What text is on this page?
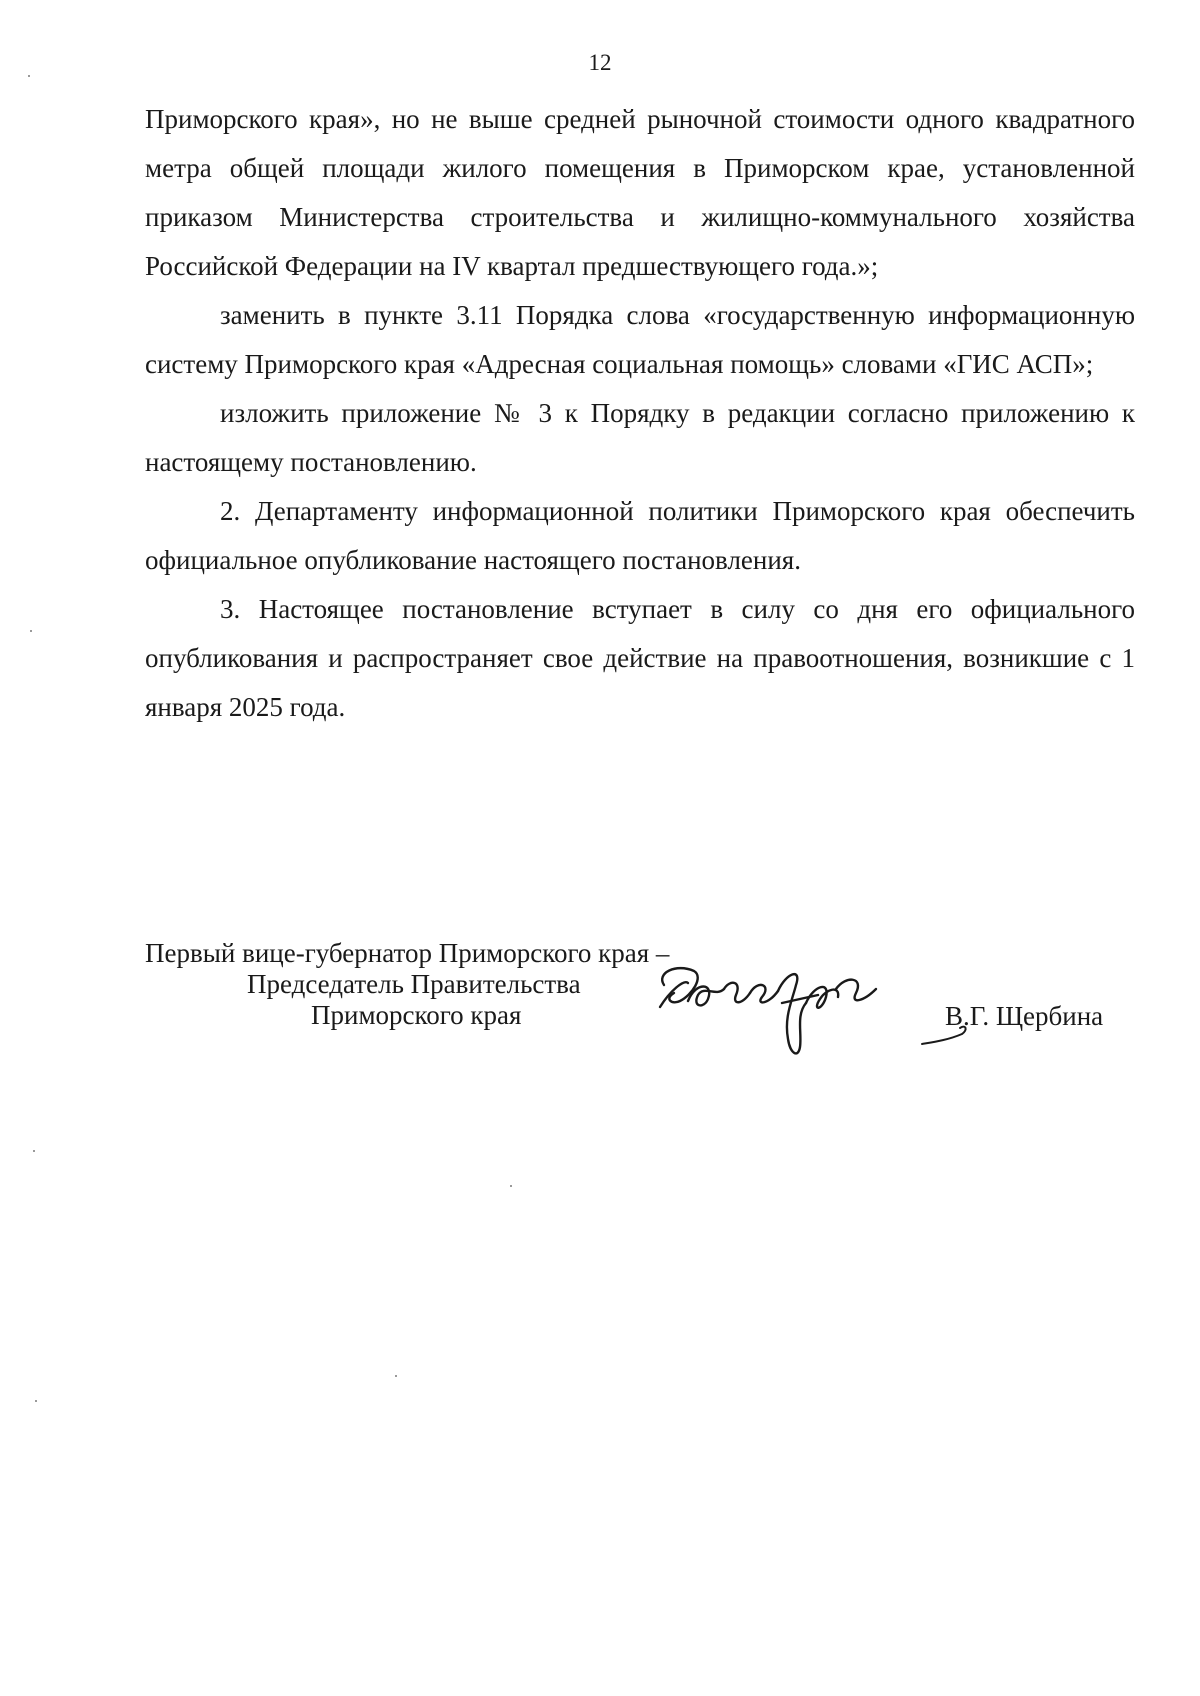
12

Приморского края», но не выше средней рыночной стоимости одного квадратного метра общей площади жилого помещения в Приморском крае, установленной приказом Министерства строительства и жилищно-коммунального хозяйства Российской Федерации на IV квартал предшествующего года.»;

заменить в пункте 3.11 Порядка слова «государственную информационную систему Приморского края «Адресная социальная помощь» словами «ГИС АСП»;

изложить приложение № 3 к Порядку в редакции согласно приложению к настоящему постановлению.

2. Департаменту информационной политики Приморского края обеспечить официальное опубликование настоящего постановления.

3. Настоящее постановление вступает в силу со дня его официального опубликования и распространяет свое действие на правоотношения, возникшие с 1 января 2025 года.

Первый вице-губернатор Приморского края –
Председатель Правительства
Приморского края	В.Г. Щербина
